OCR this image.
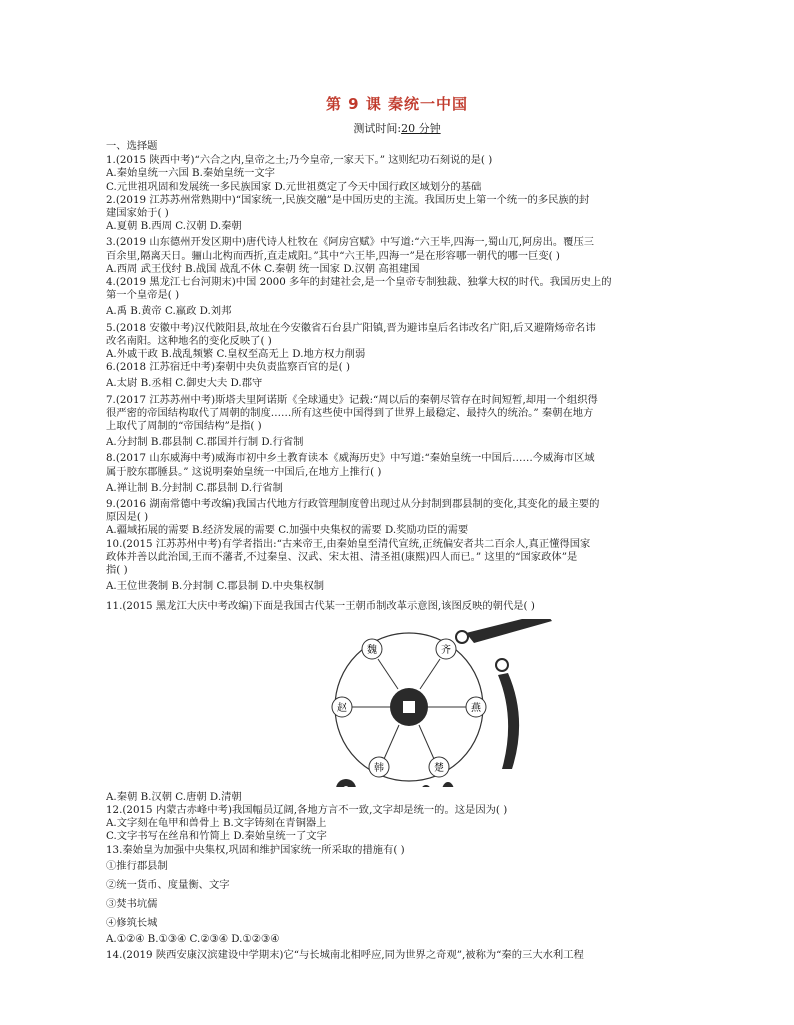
第 9 课 秦统一中国
测试时间:20 分钟
一、选择题
1.(2015 陕西中考)“六合之内,皇帝之土;乃今皇帝,一家天下。” 这则纪功石刻说的是( )
A.秦始皇统一六国 B.秦始皇统一文字
C.元世祖巩固和发展统一多民族国家 D.元世祖奠定了今天中国行政区域划分的基础
2.(2019 江苏苏州常熟期中)“国家统一,民族交融”是中国历史的主流。我国历史上第一个统一的多民族的封
建国家始于( )
A.夏朝 B.西周 C.汉朝 D.秦朝
3.(2019 山东德州开发区期中)唐代诗人杜牧在《阿房宫赋》中写道:“六王毕,四海一,蜀山兀,阿房出。覆压三
百余里,隔离天日。骊山北构而西折,直走咸阳。”其中“六王毕,四海一”是在形容哪一朝代的哪一巨变( )
A.西周 武王伐纣 B.战国 战乱不休 C.秦朝 统一国家 D.汉朝 高祖建国
4.(2019 黑龙江七台河期末)中国 2000 多年的封建社会,是一个皇帝专制独裁、独掌大权的时代。我国历史上的
第一个皇帝是( )
A.禹 B.黄帝 C.嬴政 D.刘邦
5.(2018 安徽中考)汉代陂阳县,故址在今安徽省石台县广阳镇,晋为避讳皇后名讳改名广阳,后又避隋炀帝名讳
改名南阳。这种地名的变化反映了( )
A.外戚干政 B.战乱频繁 C.皇权至高无上 D.地方权力削弱
6.(2018 江苏宿迁中考)秦朝中央负责监察百官的是( )
A.太尉 B.丞相 C.御史大夫 D.郡守
7.(2017 江苏苏州中考)斯塔夫里阿诺斯《全球通史》记载:“周以后的秦朝尽管存在时间短暂,却用一个组织得
很严密的帝国结构取代了周朝的制度……所有这些使中国得到了世界上最稳定、最持久的统治。” 秦朝在地方
上取代了周制的“帝国结构”是指( )
A.分封制 B.郡县制 C.郡国并行制 D.行省制
8.(2017 山东威海中考)威海市初中乡土教育读本《威海历史》中写道:“秦始皇统一中国后……今威海市区域
属于胶东郡腄县。” 这说明秦始皇统一中国后,在地方上推行( )
A.禅让制 B.分封制 C.郡县制 D.行省制
9.(2016 湖南常德中考改编)我国古代地方行政管理制度曾出现过从分封制到郡县制的变化,其变化的最主要的
原因是( )
A.疆域拓展的需要 B.经济发展的需要 C.加强中央集权的需要 D.奖励功臣的需要
10.(2015 江苏苏州中考)有学者指出:“古来帝王,由秦始皇至清代宣统,正统偏安者共二百余人,真正懂得国家
政体并善以此治国,王而不藩者,不过秦皇、汉武、宋太祖、清圣祖(康熙)四人而已。” 这里的“国家政体”是
指( )
A.王位世袭制 B.分封制 C.郡县制 D.中央集权制
11.(2015 黑龙江大庆中考改编)下面是我国古代某一王朝币制改革示意图,该图反映的朝代是( )
魏	齐
燕
楚
韩
赵
A.秦朝 B.汉朝 C.唐朝 D.清朝
12.(2015 内蒙古赤峰中考)我国幅员辽阔,各地方言不一致,文字却是统一的。这是因为( )
A.文字刻在龟甲和兽骨上 B.文字铸刻在青铜器上
C.文字书写在丝帛和竹简上 D.秦始皇统一了文字
13.秦始皇为加强中央集权,巩固和维护国家统一所采取的措施有( )
①推行郡县制
②统一货币、度量衡、文字
③焚书坑儒
④修筑长城
A.①②④ B.①③④ C.②③④ D.①②③④
14.(2019 陕西安康汉滨建设中学期末)它“与长城南北相呼应,同为世界之奇观”,被称为“秦的三大水利工程
